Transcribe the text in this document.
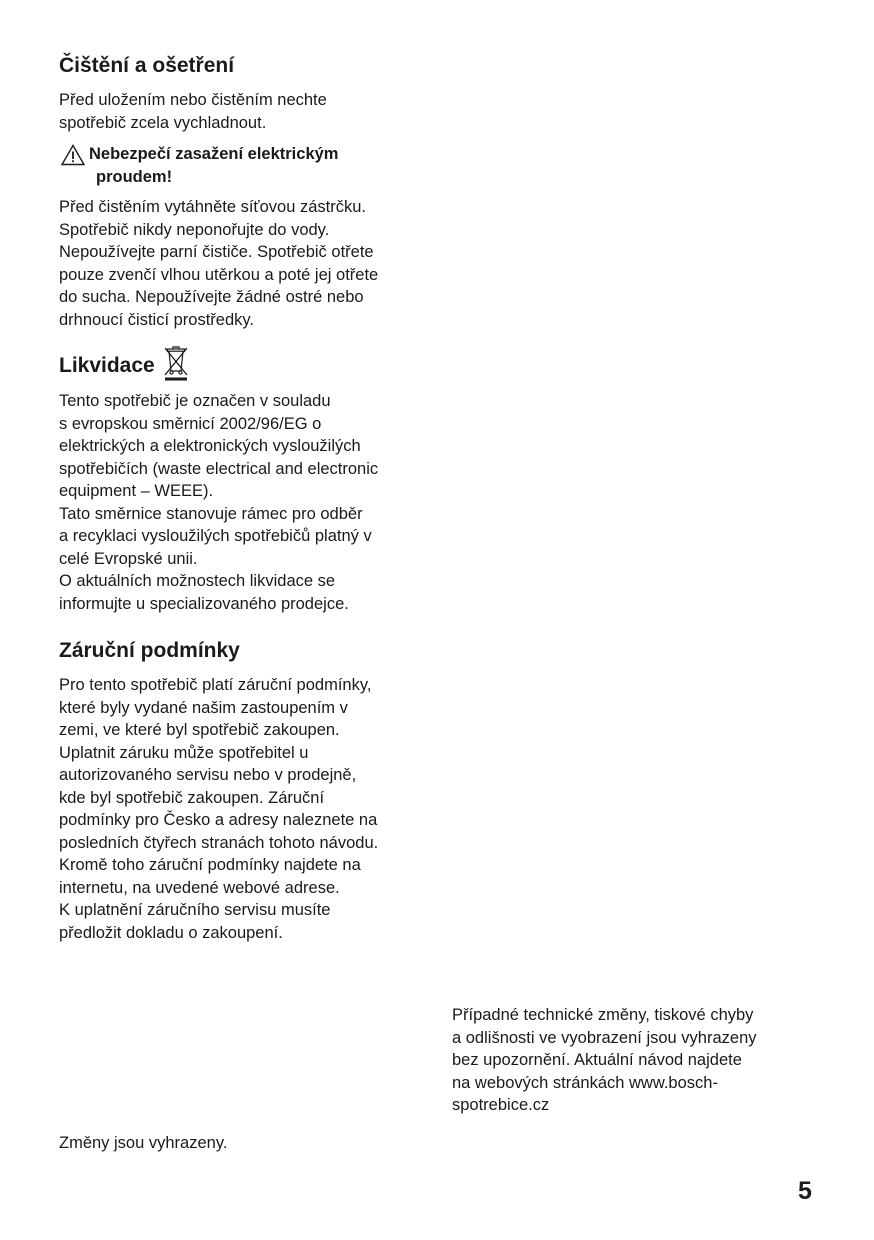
Čištění a ošetření

Před uložením nebo čistěním nechte
spotřebič zcela vychladnout.

Nebezpečí zasažení elektrickým
proudem!

Před čistěním vytáhněte síťovou zástrčku.
Spotřebič nikdy neponořujte do vody.
Nepoužívejte parní čističe. Spotřebič otřete
pouze zvenčí vlhou utěrkou a poté jej otřete
do sucha. Nepoužívejte žádné ostré nebo
drhnoucí čisticí prostředky.

Likvidace

Tento spotřebič je označen v souladu
s evropskou směrnicí 2002/96/EG o
elektrických a elektronických vysloužilých
spotřebičích (waste electrical and electronic
equipment – WEEE).
Tato směrnice stanovuje rámec pro odběr
a recyklaci vysloužilých spotřebičů platný v
celé Evropské unii.
O aktuálních možnostech likvidace se
informujte u specializovaného prodejce.

Záruční podmínky

Pro tento spotřebič platí záruční podmínky,
které byly vydané našim zastoupením v
zemi, ve které byl spotřebič zakoupen.
Uplatnit záruku může spotřebitel u
autorizovaného servisu nebo v prodejně,
kde byl spotřebič zakoupen. Záruční
podmínky pro Česko a adresy naleznete na
posledních čtyřech stranách tohoto návodu.
Kromě toho záruční podmínky najdete na
internetu, na uvedené webové adrese.
K uplatnění záručního servisu musíte
předložit dokladu o zakoupení.

Případné technické změny, tiskové chyby
a odlišnosti ve vyobrazení jsou vyhrazeny
bez upozornění. Aktuální návod najdete
na webových stránkách www.bosch-
spotrebice.cz

Změny jsou vyhrazeny.

5
